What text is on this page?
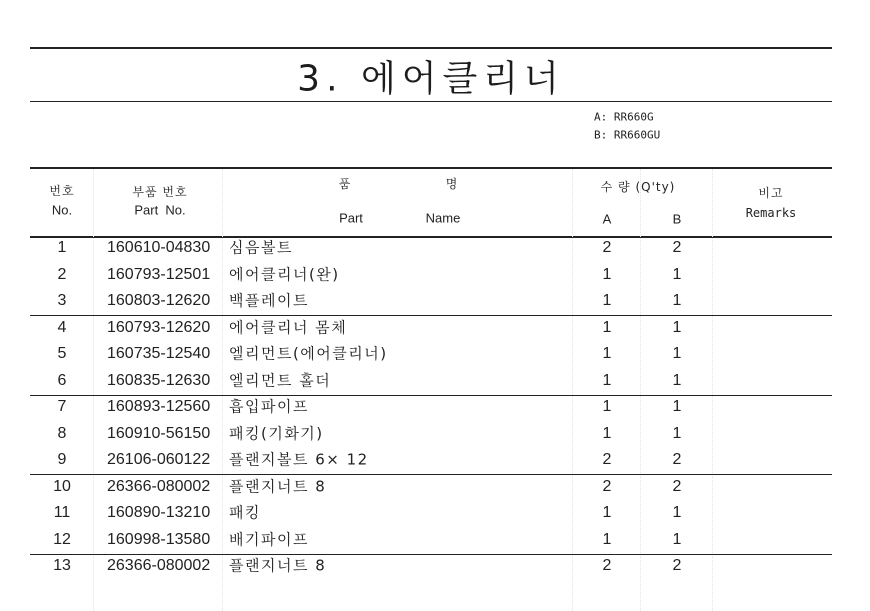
3. 에어클리너
A: RR660G
B: RR660GU
번호
No.
부품 번호
Part  No.
품	명
Part	Name
수 량 (Q'ty)
A	B
비고
Remarks
1	160610-04830 심음볼트	2	2
2	160793-12501 에어클리너(완)	1	1
3	160803-12620 백플레이트	1	1
4	160793-12620 에어클리너 몸체	1	1
5	160735-12540 엘리먼트(에어클리너)	1	1
6	160835-12630 엘리먼트 홀더	1	1
7	160893-12560 흡입파이프	1	1
8	160910-56150 패킹(기화기)	1	1
9	26106-060122 플랜지볼트 6× 12	2	2
10 26366-080002 플랜지너트 8	2	2
11 160890-13210 패킹	1	1
12 160998-13580 배기파이프	1	1
13 26366-080002 플랜지너트 8	2	2
